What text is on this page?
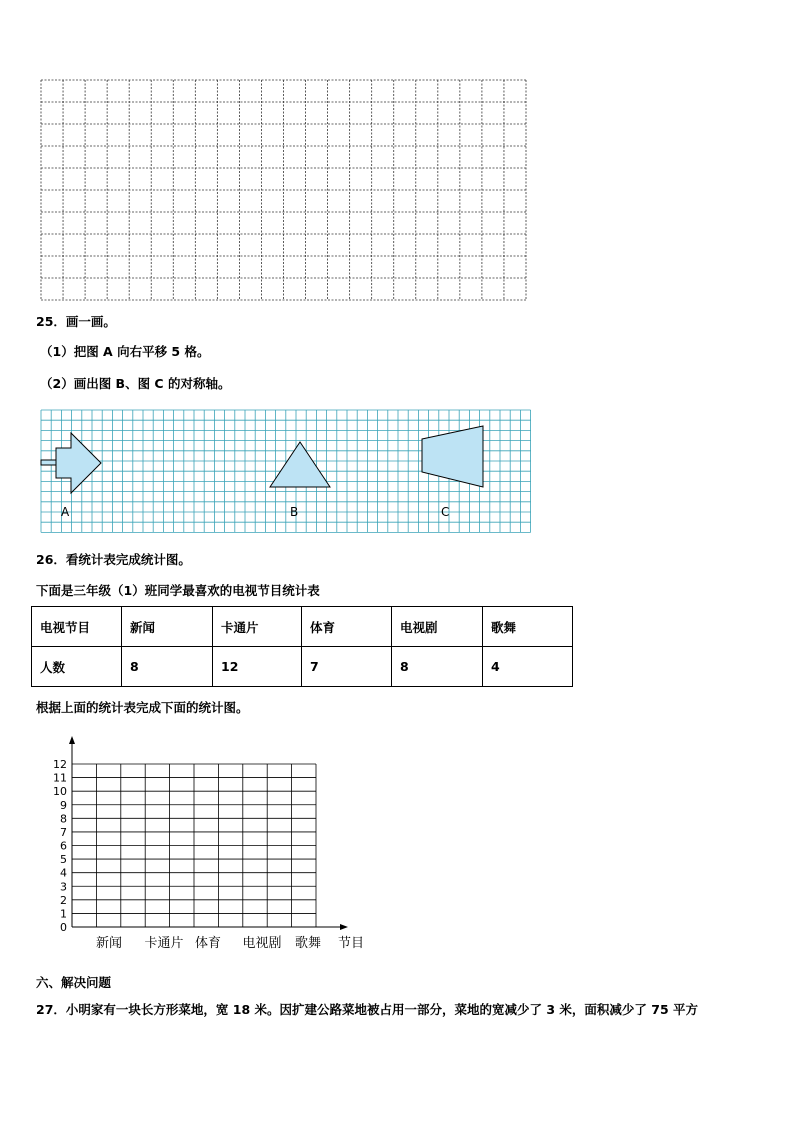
25．画一画。
（1）把图 A 向右平移 5 格。
（2）画出图 B、图 C 的对称轴。
A	B	C
26．看统计表完成统计图。
下面是三年级（1）班同学最喜欢的电视节目统计表
电视节目	新闻	卡通片	体育	电视剧	歌舞
人数	8	12	7	8	4
根据上面的统计表完成下面的统计图。
0
1
2
3
4
5
6
7
8
9
10
11
12
新闻 卡通片 体育 电视剧 歌舞 节目
六、解决问题
27．小明家有一块长方形菜地，宽 18 米。因扩建公路菜地被占用一部分，菜地的宽减少了 3 米，面积减少了 75 平方
